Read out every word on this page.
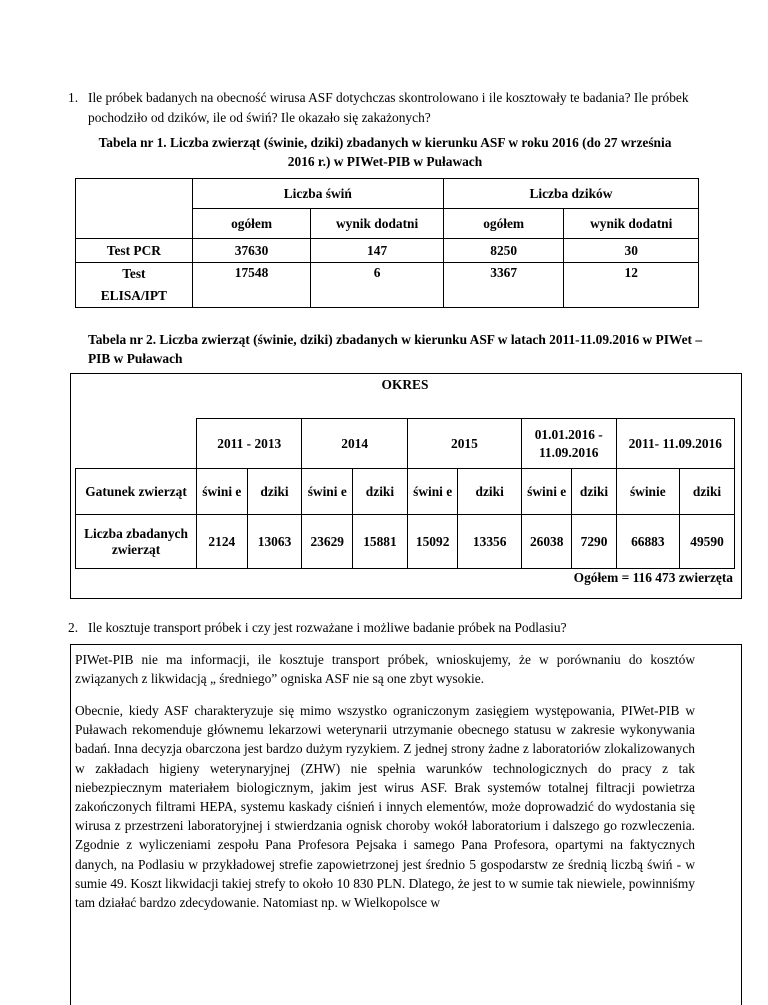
1. Ile próbek badanych na obecność wirusa ASF dotychczas skontrolowano i ile kosztowały te badania? Ile próbek pochodziło od dzików, ile od świń? Ile okazało się zakażonych?
Tabela nr 1. Liczba zwierząt (świnie, dziki) zbadanych w kierunku ASF w roku 2016 (do 27 września 2016 r.) w PIWet-PIB w Puławach
	Liczba świń		Liczba dzików	
	ogółem	wynik dodatni	ogółem	wynik dodatni
Test PCR	37630	147	8250	30

Test
ELISA/IPT	17548	6	3367	12
Tabela nr 2. Liczba zwierząt (świnie, dziki) zbadanych w kierunku ASF w latach 2011-11.09.2016 w PIWet –PIB w Puławach
OKRES
	2011 - 2013		2014		2015		01.01.2016 - 11.09.2016		2011- 11.09.2016	
Gatunek zwierząt	świni e	dziki	świni e	dziki	świni e	dziki	świni e	dziki	świnie	dziki
Liczba zbadanych zwierząt	2124	13063	23629	15881	15092	13356	26038	7290	66883	49590
Ogółem = 116 473 zwierzęta
2. Ile kosztuje transport próbek i czy jest rozważane i możliwe badanie próbek na Podlasiu?
PIWet-PIB nie ma informacji, ile kosztuje transport próbek, wnioskujemy, że w porównaniu do kosztów związanych z likwidacją „ średniego” ogniska ASF nie są one zbyt wysokie.
Obecnie, kiedy ASF charakteryzuje się mimo wszystko ograniczonym zasięgiem występowania, PIWet-PIB w Puławach rekomenduje głównemu lekarzowi weterynarii utrzymanie obecnego statusu w zakresie wykonywania badań. Inna decyzja obarczona jest bardzo dużym ryzykiem. Z jednej strony żadne z laboratoriów zlokalizowanych w zakładach higieny weterynaryjnej (ZHW) nie spełnia warunków technologicznych do pracy z tak niebezpiecznym materiałem biologicznym, jakim jest wirus ASF. Brak systemów totalnej filtracji powietrza zakończonych filtrami HEPA, systemu kaskady ciśnień i innych elementów, może doprowadzić do wydostania się wirusa z przestrzeni laboratoryjnej i stwierdzania ognisk choroby wokół laboratorium i dalszego go rozwleczenia. Zgodnie z wyliczeniami zespołu Pana Profesora Pejsaka i samego Pana Profesora, opartymi na faktycznych danych, na Podlasiu w przykładowej strefie zapowietrzonej jest średnio 5 gospodarstw ze średnią liczbą świń - w sumie 49. Koszt likwidacji takiej strefy to około 10 830 PLN. Dlatego, że jest to w sumie tak niewiele, powinniśmy tam działać bardzo zdecydowanie. Natomiast np. w Wielkopolsce w
